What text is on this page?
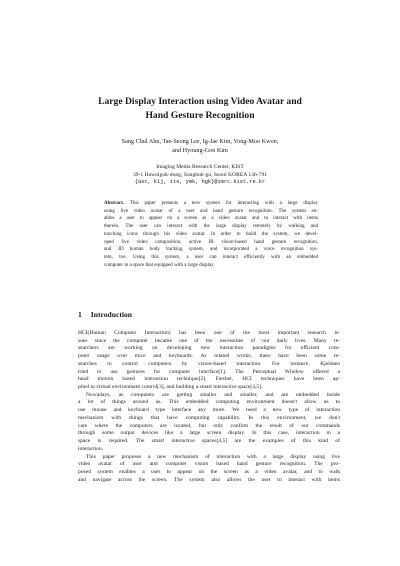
Large Display Interaction using Video Avatar and
Hand Gesture Recognition

Sang Chul Ahn, Tae-Seong Lee, Ig-Jae Kim, Yong-Moo Kwon,
and Hyoung-Gon Kim

Imaging Media Research Center, KIST
39-1 Hawolgok-dong, Sungbuk-gu, Seoul KOREA 136-791
{asc, kij, its, ymk, hgk}@imrc.kist.re.kr

Abstract. This paper presents a new system for interacting with a large display
using live video avatar of a user and hand gesture recognition. The system en-
ables a user to appear on a screen as a video avatar and to interact with items
therein. The user can interact with the large display remotely by walking and
touching icons through his video avatar. In order to build the system, we devel-
oped live video composition, active IR vision-based hand gesture recognition,
and 3D human body tracking system, and incorporated a voice recognition sys-
tem, too. Using this system, a user can interact efficiently with an embedded
computer in a space that equipped with a large display.
1 Introduction
HCI(Human Computer Interaction) has been one of the most important research is-
sues since the computer became one of the necessities of our daily lives. Many re-
searchers are working on developing new interaction paradigms for efficient com-
puter usage over mice and keyboards. As related works, there have been some re-
searches to control computers by vision-based interaction. For instance, Kjeldsen
tried to use gestures for computer interface[1]. The Perceptual Window offered a
head motion based interaction technique[2]. Further, HCI techniques have been ap-
plied to virtual environment control[3], and building a smart interactive space[4,5].
Nowadays, as computers are getting smaller and smaller, and are embedded inside
a lot of things around us. This embedded computing environment doesn't allow us to
use mouse and keyboard type interface any more. We need a new type of interaction
mechanism with things that have computing capability. In this environment, we don't
care where the computers are located, but only confirm the result of our commands
through some output devices like a large screen display. In this case, interaction in a
space is required. The smart interactive spaces[4,5] are the examples of this kind of
interaction.
This paper proposes a new mechanism of interaction with a large display using live
video avatar of user and computer vision based hand gesture recognition. The pro-
posed system enables a user to appear on the screen as a video avatar, and to walk
and navigate across the screen. The system also allows the user to interact with items
